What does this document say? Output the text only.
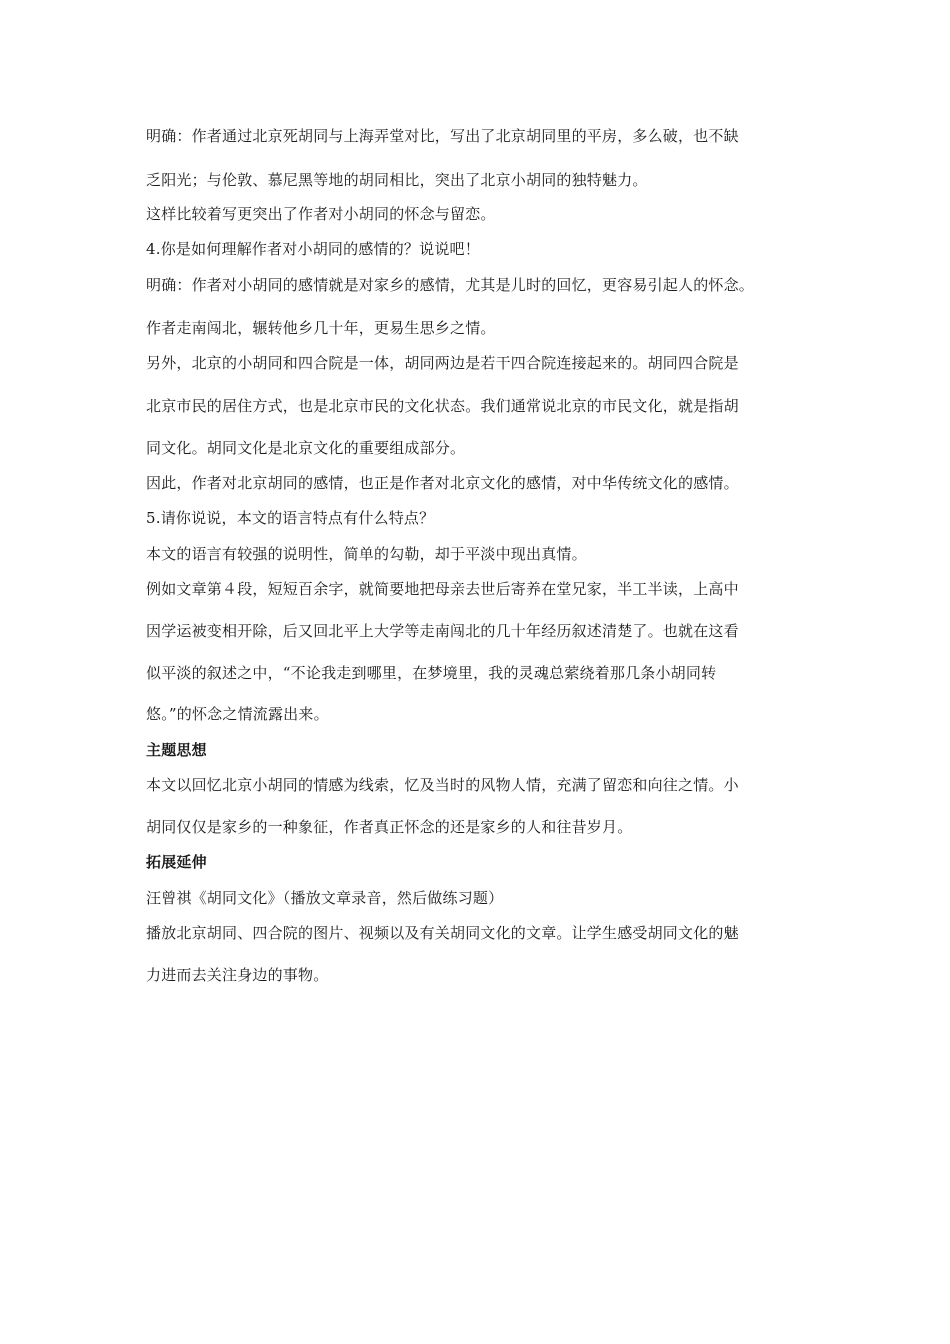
明确：作者通过北京死胡同与上海弄堂对比，写出了北京胡同里的平房，多么破，也不缺
乏阳光；与伦敦、慕尼黑等地的胡同相比，突出了北京小胡同的独特魅力。
这样比较着写更突出了作者对小胡同的怀念与留恋。
4.你是如何理解作者对小胡同的感情的？说说吧！
明确：作者对小胡同的感情就是对家乡的感情，尤其是儿时的回忆，更容易引起人的怀念。
作者走南闯北，辗转他乡几十年，更易生思乡之情。
另外，北京的小胡同和四合院是一体，胡同两边是若干四合院连接起来的。胡同四合院是
北京市民的居住方式，也是北京市民的文化状态。我们通常说北京的市民文化，就是指胡
同文化。胡同文化是北京文化的重要组成部分。
因此，作者对北京胡同的感情，也正是作者对北京文化的感情，对中华传统文化的感情。
5.请你说说，本文的语言特点有什么特点？
本文的语言有较强的说明性，简单的勾勒，却于平淡中现出真情。
例如文章第４段，短短百余字，就简要地把母亲去世后寄养在堂兄家，半工半读，上高中
因学运被变相开除，后又回北平上大学等走南闯北的几十年经历叙述清楚了。也就在这看
似平淡的叙述之中，“不论我走到哪里，在梦境里，我的灵魂总萦绕着那几条小胡同转
悠。”的怀念之情流露出来。
主题思想
本文以回忆北京小胡同的情感为线索，忆及当时的风物人情，充满了留恋和向往之情。小
胡同仅仅是家乡的一种象征，作者真正怀念的还是家乡的人和往昔岁月。
拓展延伸
汪曾祺《胡同文化》（播放文章录音，然后做练习题）
播放北京胡同、四合院的图片、视频以及有关胡同文化的文章。让学生感受胡同文化的魅
力进而去关注身边的事物。
